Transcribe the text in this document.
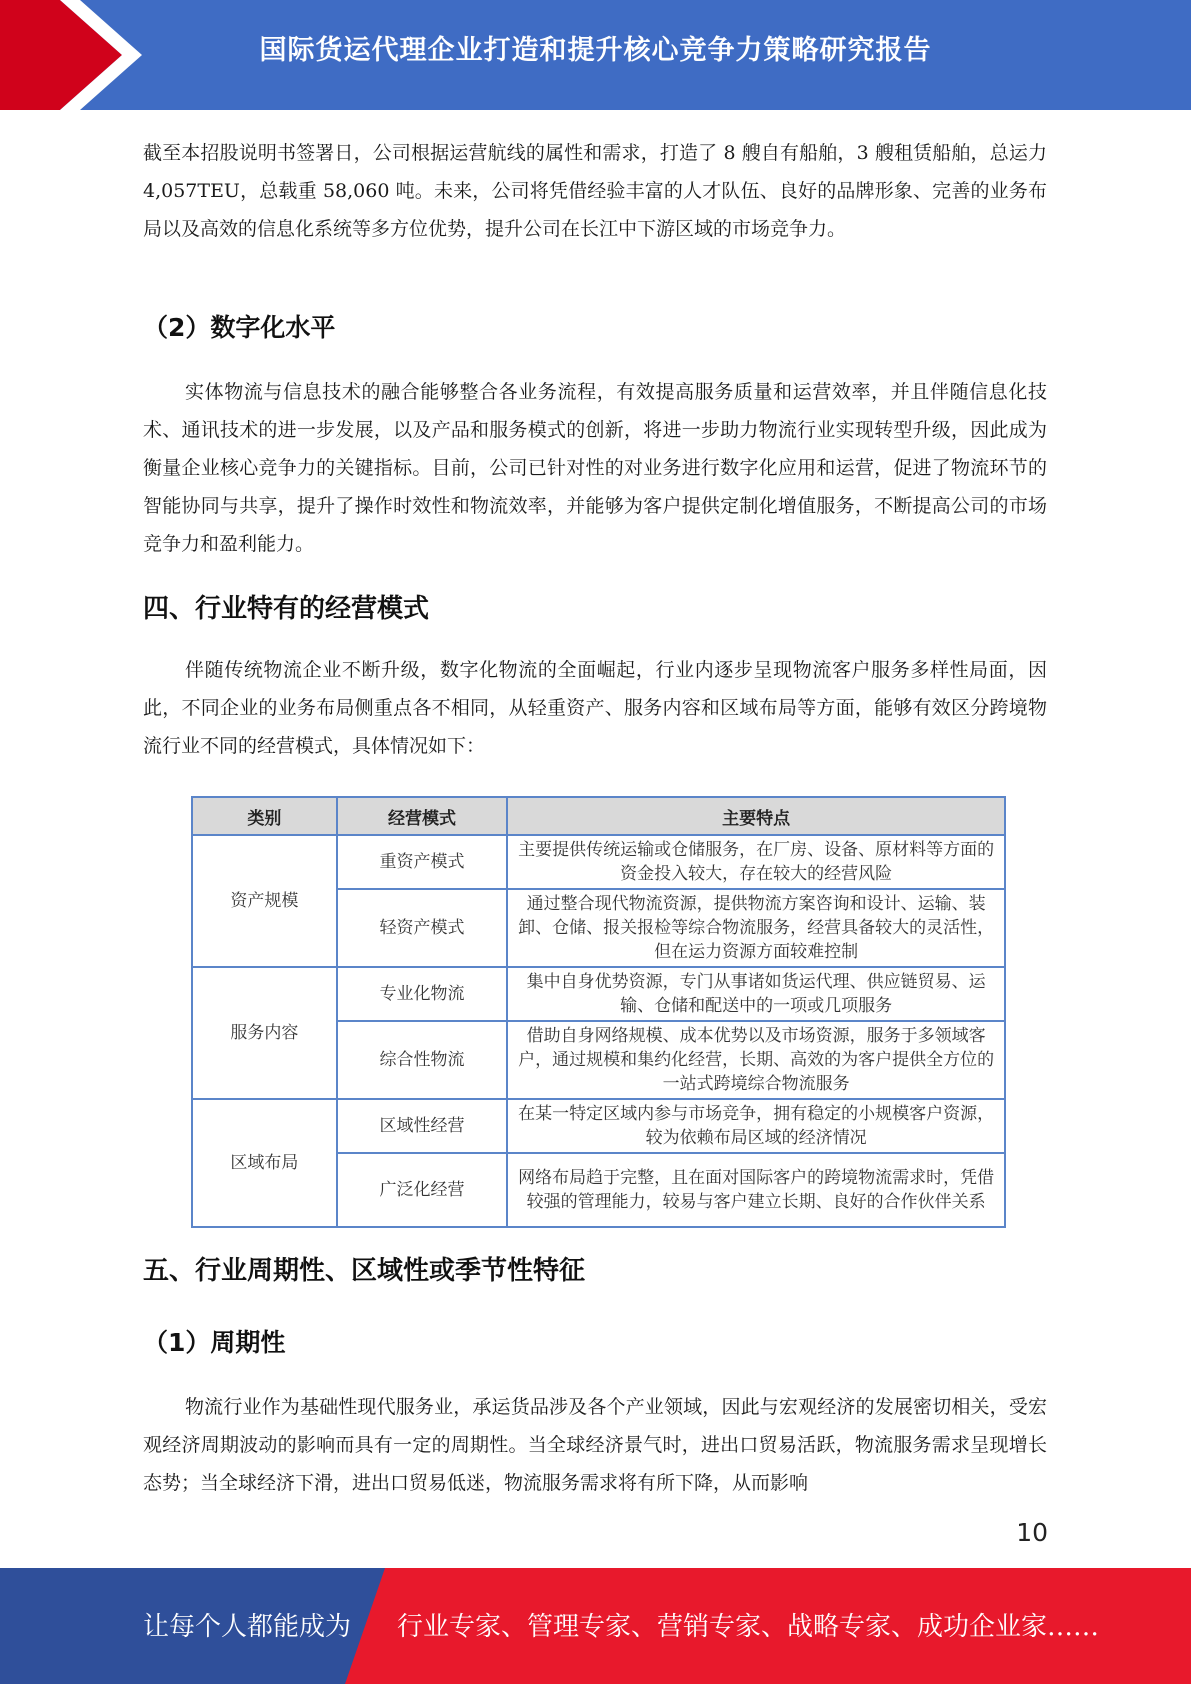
国际货运代理企业打造和提升核心竞争力策略研究报告

截至本招股说明书签署日，公司根据运营航线的属性和需求，打造了 8 艘自有船舶，3 艘租赁船舶，总运力 4,057TEU，总载重 58,060 吨。未来，公司将凭借经验丰富的人才队伍、良好的品牌形象、完善的业务布局以及高效的信息化系统等多方位优势，提升公司在长江中下游区域的市场竞争力。

（2）数字化水平

实体物流与信息技术的融合能够整合各业务流程，有效提高服务质量和运营效率，并且伴随信息化技术、通讯技术的进一步发展，以及产品和服务模式的创新，将进一步助力物流行业实现转型升级，因此成为衡量企业核心竞争力的关键指标。目前，公司已针对性的对业务进行数字化应用和运营，促进了物流环节的智能协同与共享，提升了操作时效性和物流效率，并能够为客户提供定制化增值服务，不断提高公司的市场竞争力和盈利能力。

四、行业特有的经营模式

伴随传统物流企业不断升级，数字化物流的全面崛起，行业内逐步呈现物流客户服务多样性局面，因此，不同企业的业务布局侧重点各不相同，从轻重资产、服务内容和区域布局等方面，能够有效区分跨境物流行业不同的经营模式，具体情况如下：

类别	经营模式	主要特点
资产规模	重资产模式	主要提供传统运输或仓储服务，在厂房、设备、原材料等方面的资金投入较大，存在较大的经营风险
	轻资产模式	通过整合现代物流资源，提供物流方案咨询和设计、运输、装卸、仓储、报关报检等综合物流服务，经营具备较大的灵活性，但在运力资源方面较难控制
服务内容	专业化物流	集中自身优势资源，专门从事诸如货运代理、供应链贸易、运输、仓储和配送中的一项或几项服务
	综合性物流	借助自身网络规模、成本优势以及市场资源，服务于多领域客户，通过规模和集约化经营，长期、高效的为客户提供全方位的一站式跨境综合物流服务
区域布局	区域性经营	在某一特定区域内参与市场竞争，拥有稳定的小规模客户资源，较为依赖布局区域的经济情况
	广泛化经营	网络布局趋于完整，且在面对国际客户的跨境物流需求时，凭借较强的管理能力，较易与客户建立长期、良好的合作伙伴关系
五、行业周期性、区域性或季节性特征
（1）周期性

物流行业作为基础性现代服务业，承运货品涉及各个产业领域，因此与宏观经济的发展密切相关，受宏观经济周期波动的影响而具有一定的周期性。当全球经济景气时，进出口贸易活跃，物流服务需求呈现增长态势；当全球经济下滑，进出口贸易低迷，物流服务需求将有所下降，从而影响

10
让每个人都能成为 行业专家、管理专家、营销专家、战略专家、成功企业家……
